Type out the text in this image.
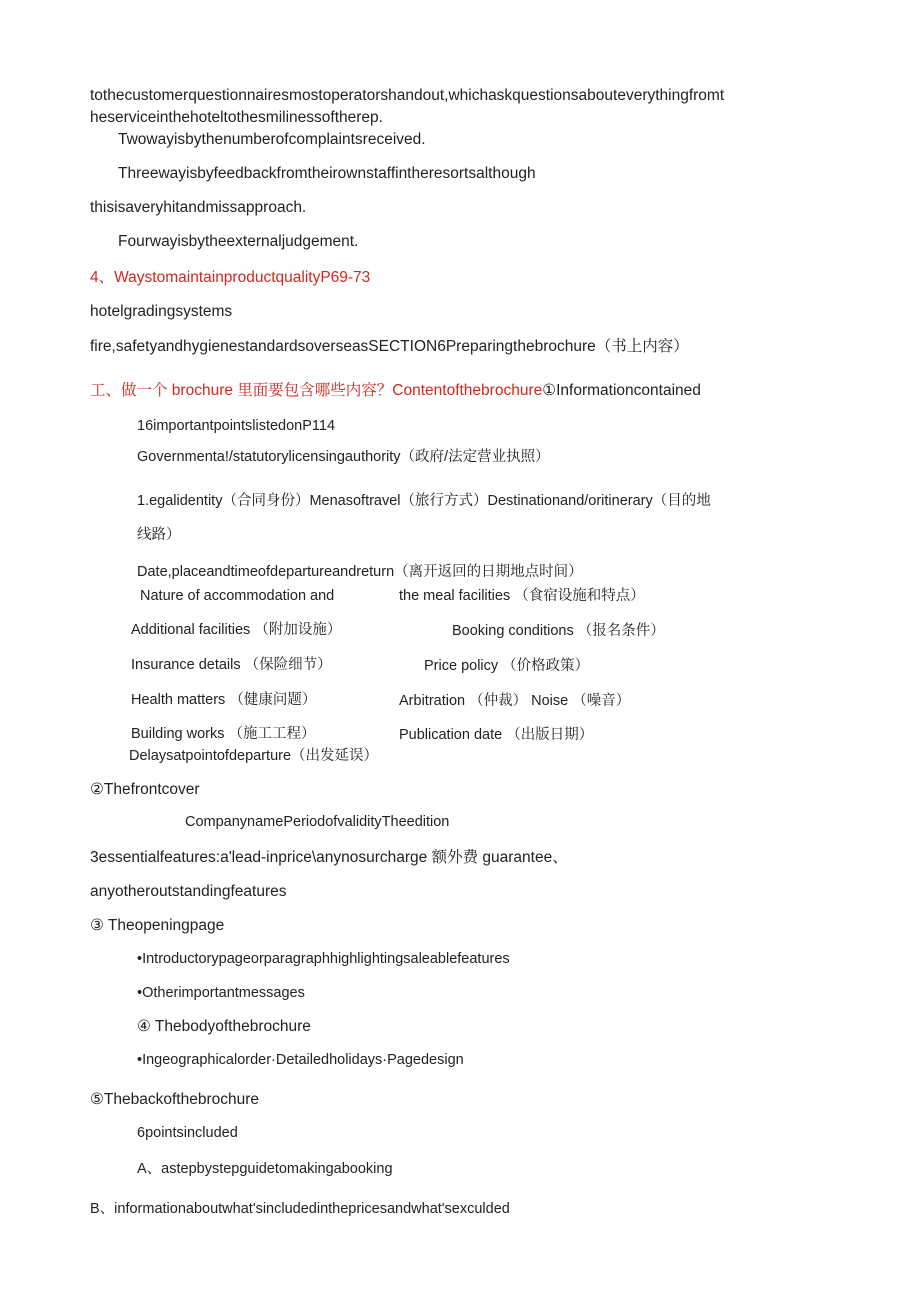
tothecustomerquestionnairesmostoperatorshandout,whichaskquestionsabouteverythingfromt
heserviceinthehoteltothesmilinessoftherep.
Twowayisbythenumberofcomplaintsreceived.
Threewayisbyfeedbackfromtheirownstaffintheresortsalthough
thisisaveryhitandmissapproach.
Fourwayisbytheexternaljudgement.
4、WaystomaintainproductqualityP69-73
hotelgradingsystems
fire,safetyandhygienestandardsoverseasSECTION6Preparingthebrochure（书上内容）
工、做一个 brochure 里面要包含哪些内容？Contentofthebrochure①Informationcontained
16importantpointslistedonP114
Governmenta!/statutorylicensingauthority（政府/法定营业执照）
1.egalidentity（合同身份）Menasoftravel（旅行方式）Destinationand/oritinerary（目的地
线路）
Date,placeandtimeofdepartureandreturn（离开返回的日期地点时间）
Nature of accommodation and	the meal facilities （食宿设施和特点）
Additional facilities （附加设施）	Booking conditions （报名条件）
Insurance details （保险细节）	Price policy （价格政策）
Health matters （健康问题）	Arbitration （仲裁） Noise （噪音）
Building works （施工工程）	Publication date （出版日期）
Delaysatpointofdeparture（出发延误）
②Thefrontcover
CompanynamePeriodofvalidityTheedition
3essentialfeatures:a'lead-inprice\anynosurcharge 额外费 guarantee、
anyotheroutstandingfeatures
③ Theopeningpage
•Introductorypageorparagraphhighlightingsaleablefeatures
•Otherimportantmessages
④ Thebodyofthebrochure
•Ingeographicalorder·Detailedholidays·Pagedesign
⑤Thebackofthebrochure
6pointsincluded
A、astepbystepguidetomakingabooking
B、informationaboutwhat'sincludedinthepricesandwhat'sexculded
